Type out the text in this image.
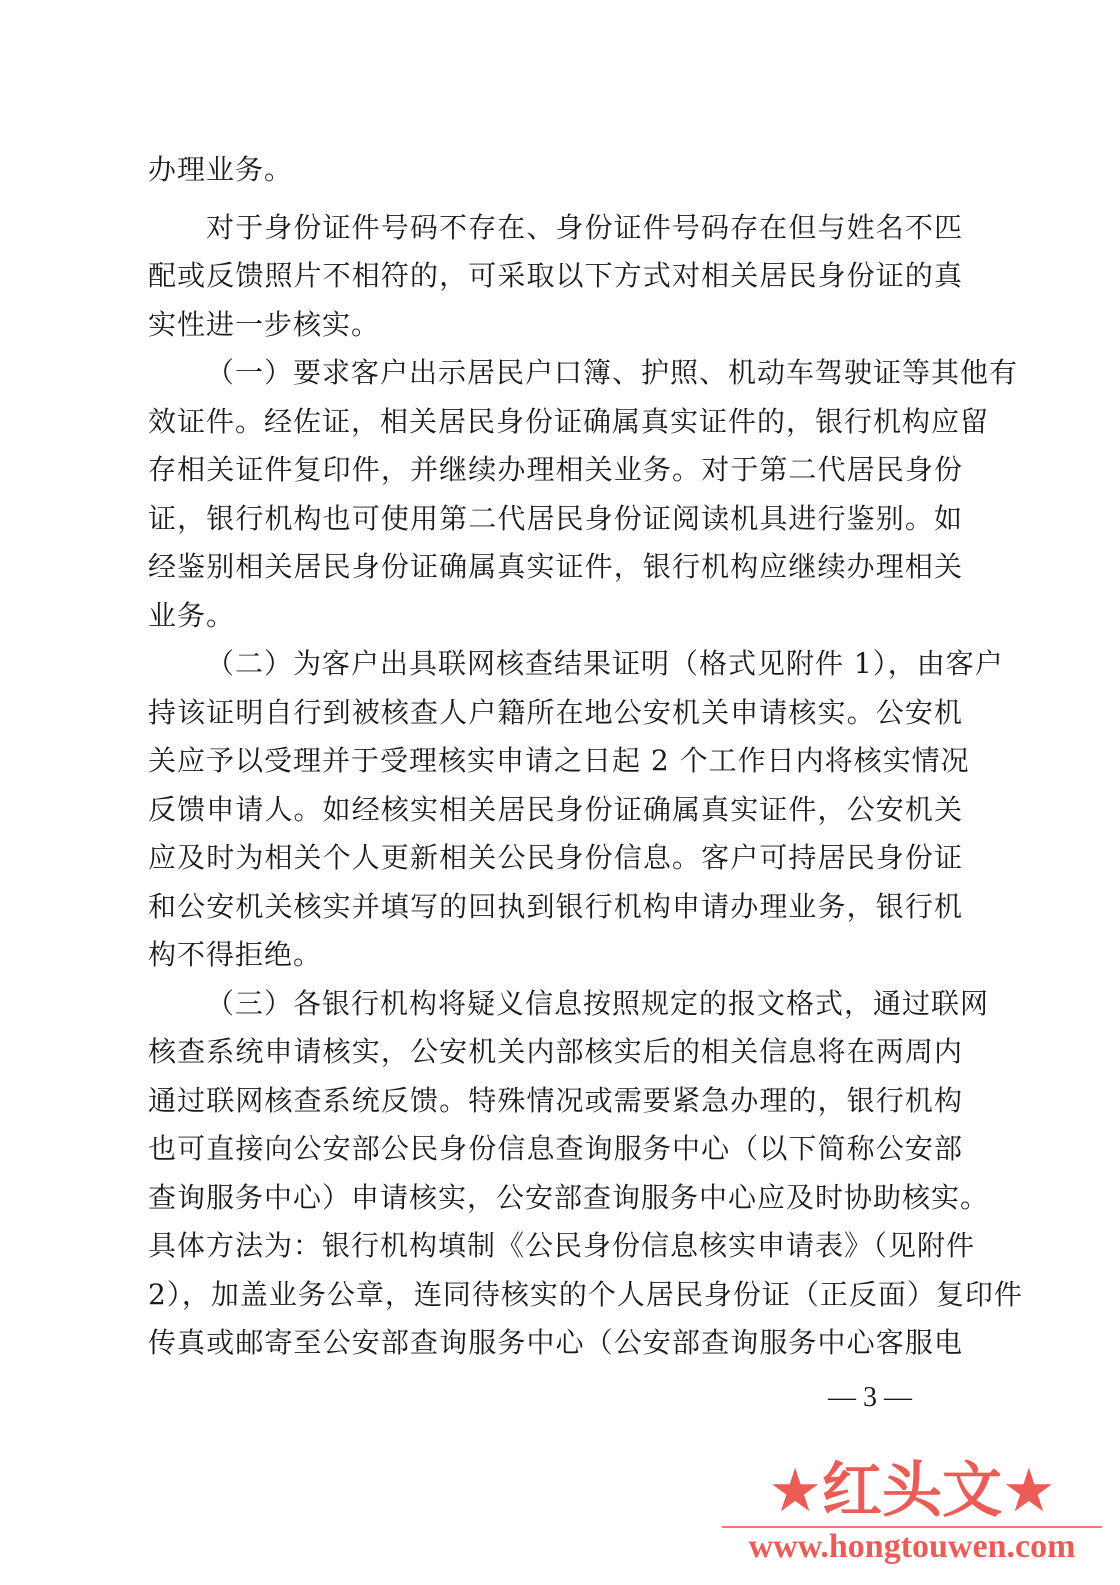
办理业务。
对于身份证件号码不存在、身份证件号码存在但与姓名不匹
配或反馈照片不相符的，可采取以下方式对相关居民身份证的真
实性进一步核实。
（一）要求客户出示居民户口簿、护照、机动车驾驶证等其他有
效证件。经佐证，相关居民身份证确属真实证件的，银行机构应留
存相关证件复印件，并继续办理相关业务。对于第二代居民身份
证，银行机构也可使用第二代居民身份证阅读机具进行鉴别。如
经鉴别相关居民身份证确属真实证件，银行机构应继续办理相关
业务。
（二）为客户出具联网核查结果证明（格式见附件 1），由客户
持该证明自行到被核查人户籍所在地公安机关申请核实。公安机
关应予以受理并于受理核实申请之日起 2 个工作日内将核实情况
反馈申请人。如经核实相关居民身份证确属真实证件，公安机关
应及时为相关个人更新相关公民身份信息。客户可持居民身份证
和公安机关核实并填写的回执到银行机构申请办理业务，银行机
构不得拒绝。
（三）各银行机构将疑义信息按照规定的报文格式，通过联网
核查系统申请核实，公安机关内部核实后的相关信息将在两周内
通过联网核查系统反馈。特殊情况或需要紧急办理的，银行机构
也可直接向公安部公民身份信息查询服务中心（以下简称公安部
查询服务中心）申请核实，公安部查询服务中心应及时协助核实。
具体方法为：银行机构填制《公民身份信息核实申请表》（见附件
2），加盖业务公章，连同待核实的个人居民身份证（正反面）复印件
传真或邮寄至公安部查询服务中心（公安部查询服务中心客服电
— 3 —
★红头文★
www.hongtouwen.com
